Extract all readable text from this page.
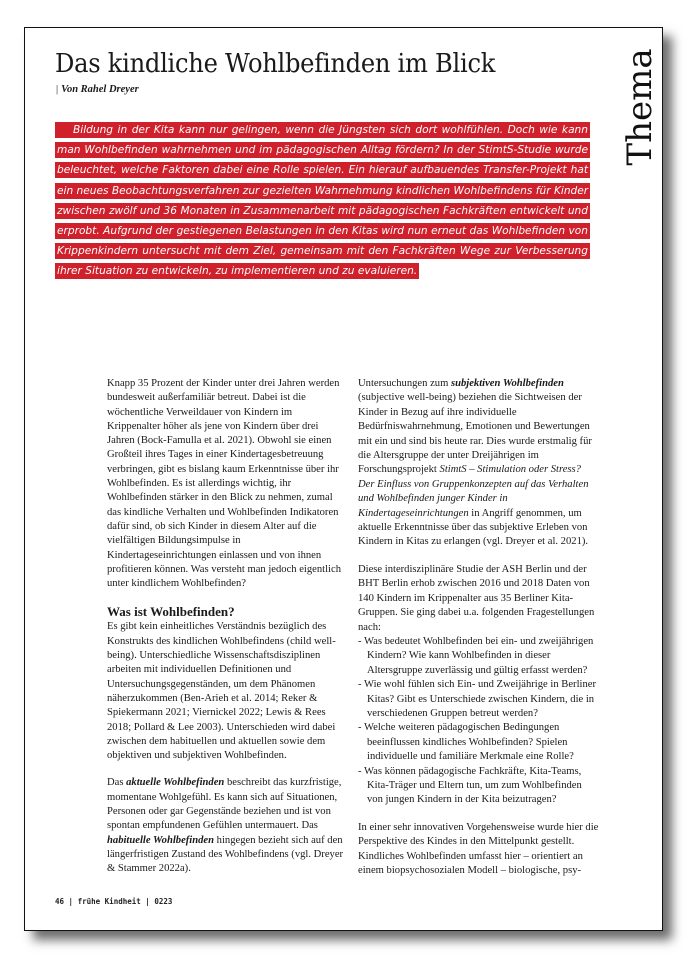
Das kindliche Wohlbefinden im Blick
| Von Rahel Dreyer	Thema
Bildung in der Kita kann nur gelingen, wenn die Jüngsten sich dort wohlfühlen. Doch wie kann man Wohlbefinden wahrnehmen und im pädagogischen Alltag fördern? In der StimtS-Studie wurde beleuchtet, welche Faktoren dabei eine Rolle spielen. Ein hierauf aufbauendes Transfer-Projekt hat ein neues Beobachtungsverfahren zur gezielten Wahrnehmung kindlichen Wohlbefindens für Kinder zwischen zwölf und 36 Monaten in Zusammenarbeit mit pädagogischen Fachkräften entwickelt und erprobt. Aufgrund der gestiegenen Belastungen in den Kitas wird nun erneut das Wohlbefinden von Krippenkindern untersucht mit dem Ziel, gemeinsam mit den Fachkräften Wege zur Verbesserung ihrer Situation zu entwickeln, zu implementieren und zu evaluieren.

Knapp 35 Prozent der Kinder unter drei Jahren werden bundesweit außerfamiliär betreut. Dabei ist die wöchentliche Verweildauer von Kindern im Krippenalter höher als jene von Kindern über drei Jahren (Bock-Famulla et al. 2021). Obwohl sie einen Großteil ihres Tages in einer Kindertagesbetreuung verbringen, gibt es bislang kaum Erkenntnisse über ihr Wohlbefinden. Es ist allerdings wichtig, ihr Wohlbefinden stärker in den Blick zu nehmen, zumal das kindliche Verhalten und Wohlbefinden Indikatoren dafür sind, ob sich Kinder in diesem Alter auf die vielfältigen Bildungsimpulse in Kindertageseinrichtungen einlassen und von ihnen profitieren können. Was versteht man jedoch eigentlich unter kindlichem Wohlbefinden?

Was ist Wohlbefinden?

Es gibt kein einheitliches Verständnis bezüglich des Konstrukts des kindlichen Wohlbefindens (child well-being). Unterschiedliche Wissenschaftsdisziplinen arbeiten mit individuellen Definitionen und Untersuchungsgegenständen, um dem Phänomen näherzukommen (Ben-Arieh et al. 2014; Reker & Spiekermann 2021; Viernickel 2022; Lewis & Rees 2018; Pollard & Lee 2003). Unterschieden wird dabei zwischen dem habituellen und aktuellen sowie dem objektiven und subjektiven Wohlbefinden.

Das aktuelle Wohlbefinden beschreibt das kurzfristige, momentane Wohlgefühl. Es kann sich auf Situationen, Personen oder gar Gegenstände beziehen und ist von spontan empfundenen Gefühlen untermauert. Das habituelle Wohlbefinden hingegen bezieht sich auf den längerfristigen Zustand des Wohlbefindens (vgl. Dreyer & Stammer 2022a).

Untersuchungen zum subjektiven Wohlbefinden (subjective well-being) beziehen die Sichtweisen der Kinder in Bezug auf ihre individuelle Bedürfniswahrnehmung, Emotionen und Bewertungen mit ein und sind bis heute rar. Dies wurde erstmalig für die Altersgruppe der unter Dreijährigen im Forschungsprojekt StimtS – Stimulation oder Stress? Der Einfluss von Gruppenkonzepten auf das Verhalten und Wohlbefinden junger Kinder in Kindertageseinrichtungen in Angriff genommen, um aktuelle Erkenntnisse über das subjektive Erleben von Kindern in Kitas zu erlangen (vgl. Dreyer et al. 2021).

Diese interdisziplinäre Studie der ASH Berlin und der BHT Berlin erhob zwischen 2016 und 2018 Daten von 140 Kindern im Krippenalter aus 35 Berliner Kita-Gruppen. Sie ging dabei u.a. folgenden Fragestellungen nach:

- Was bedeutet Wohlbefinden bei ein- und zweijährigen Kindern? Wie kann Wohlbefinden in dieser Altersgruppe zuverlässig und gültig erfasst werden?
- Wie wohl fühlen sich Ein- und Zweijährige in Berliner Kitas? Gibt es Unterschiede zwischen Kindern, die in verschiedenen Gruppen betreut werden?
- Welche weiteren pädagogischen Bedingungen beeinflussen kindliches Wohlbefinden? Spielen individuelle und familiäre Merkmale eine Rolle?
- Was können pädagogische Fachkräfte, Kita-Teams, Kita-Träger und Eltern tun, um zum Wohlbefinden von jungen Kindern in der Kita beizutragen?

In einer sehr innovativen Vorgehensweise wurde hier die Perspektive des Kindes in den Mittelpunkt gestellt. Kindliches Wohlbefinden umfasst hier – orientiert an einem biopsychosozialen Modell – biologische, psy-

46 | frühe Kindheit | 0223
